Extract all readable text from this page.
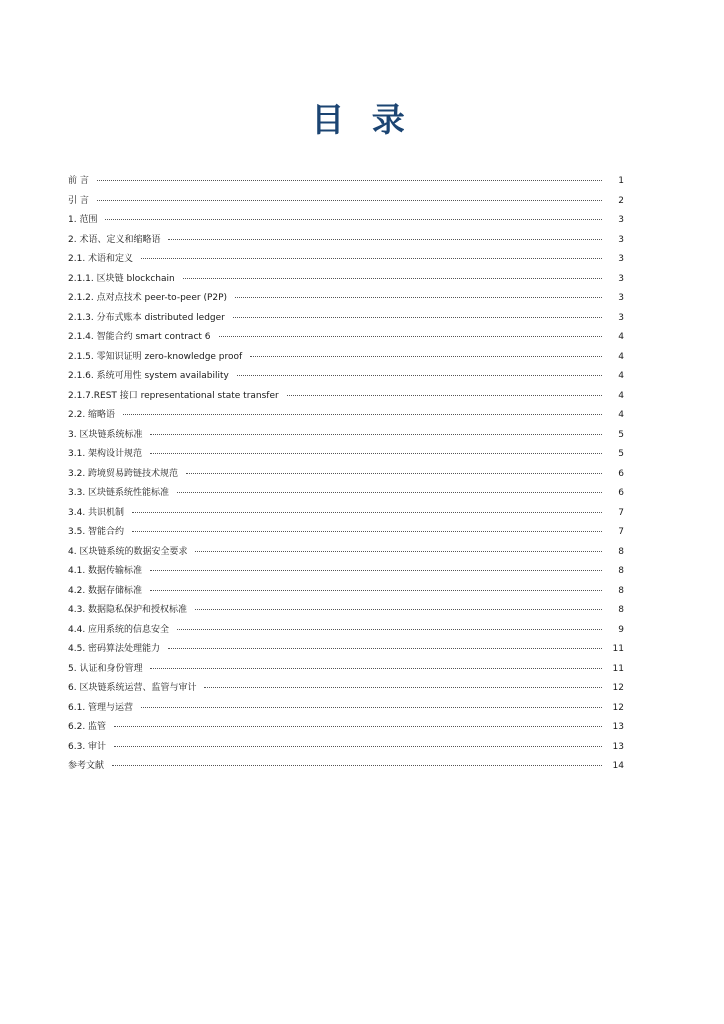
目 录
前 言	1
引 言	2
1. 范围	3
2. 术语、定义和缩略语	3
2.1. 术语和定义	3
2.1.1. 区块链 blockchain	3
2.1.2. 点对点技术 peer-to-peer (P2P)	3
2.1.3. 分布式账本 distributed ledger	3
2.1.4. 智能合约 smart contract 6	4
2.1.5. 零知识证明 zero-knowledge proof	4
2.1.6. 系统可用性 system availability	4
2.1.7.REST 接口 representational state transfer	4
2.2. 缩略语	4
3. 区块链系统标准	5
3.1. 架构设计规范	5
3.2. 跨境贸易跨链技术规范	6
3.3. 区块链系统性能标准	6
3.4. 共识机制	7
3.5. 智能合约	7
4. 区块链系统的数据安全要求	8
4.1. 数据传输标准	8
4.2. 数据存储标准	8
4.3. 数据隐私保护和授权标准	8
4.4. 应用系统的信息安全	9
4.5. 密码算法处理能力	11
5. 认证和身份管理	11
6. 区块链系统运营、监管与审计	12
6.1. 管理与运营	12
6.2. 监管	13
6.3. 审计	13
参考文献	14
